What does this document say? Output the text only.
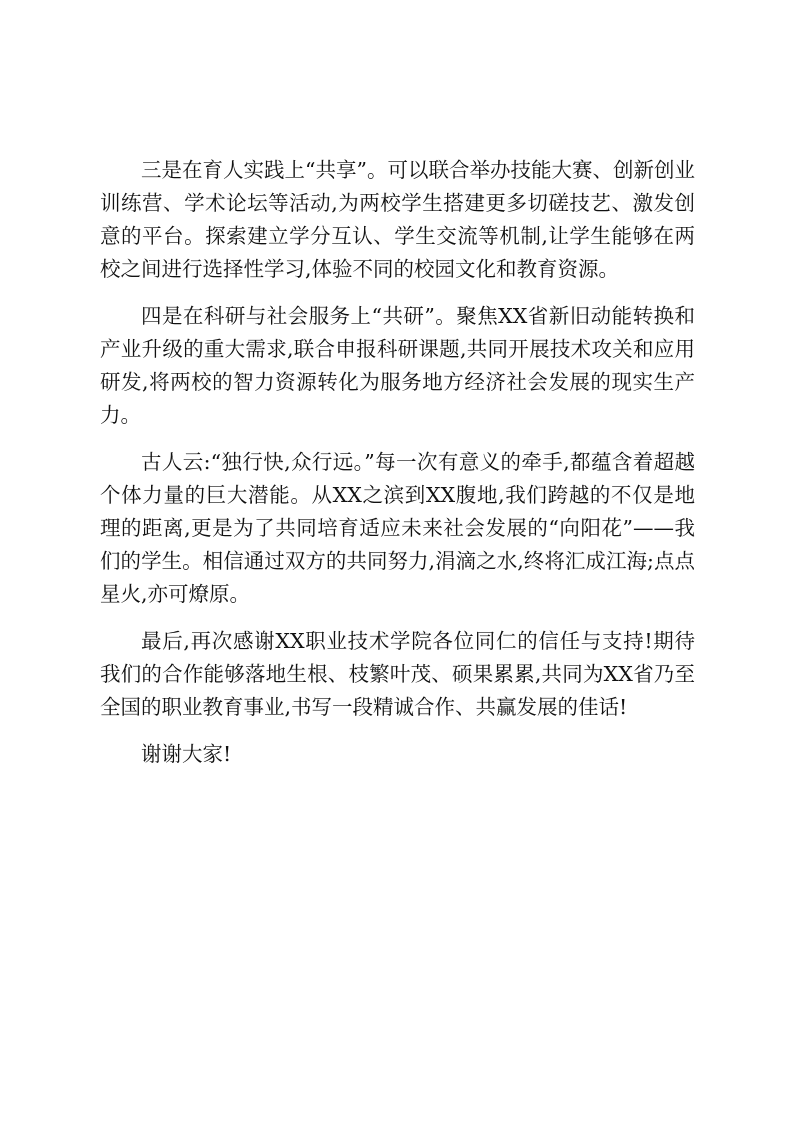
三是在育人实践上“共享”。可以联合举办技能大赛、创新创业训练营、学术论坛等活动,为两校学生搭建更多切磋技艺、激发创意的平台。探索建立学分互认、学生交流等机制,让学生能够在两校之间进行选择性学习,体验不同的校园文化和教育资源。

四是在科研与社会服务上“共研”。聚焦XX省新旧动能转换和产业升级的重大需求,联合申报科研课题,共同开展技术攻关和应用研发,将两校的智力资源转化为服务地方经济社会发展的现实生产力。

古人云:“独行快,众行远。”每一次有意义的牵手,都蕴含着超越个体力量的巨大潜能。从XX之滨到XX腹地,我们跨越的不仅是地理的距离,更是为了共同培育适应未来社会发展的“向阳花”——我们的学生。相信通过双方的共同努力,涓滴之水,终将汇成江海;点点星火,亦可燎原。

最后,再次感谢XX职业技术学院各位同仁的信任与支持!期待我们的合作能够落地生根、枝繁叶茂、硕果累累,共同为XX省乃至全国的职业教育事业,书写一段精诚合作、共赢发展的佳话!

谢谢大家!
